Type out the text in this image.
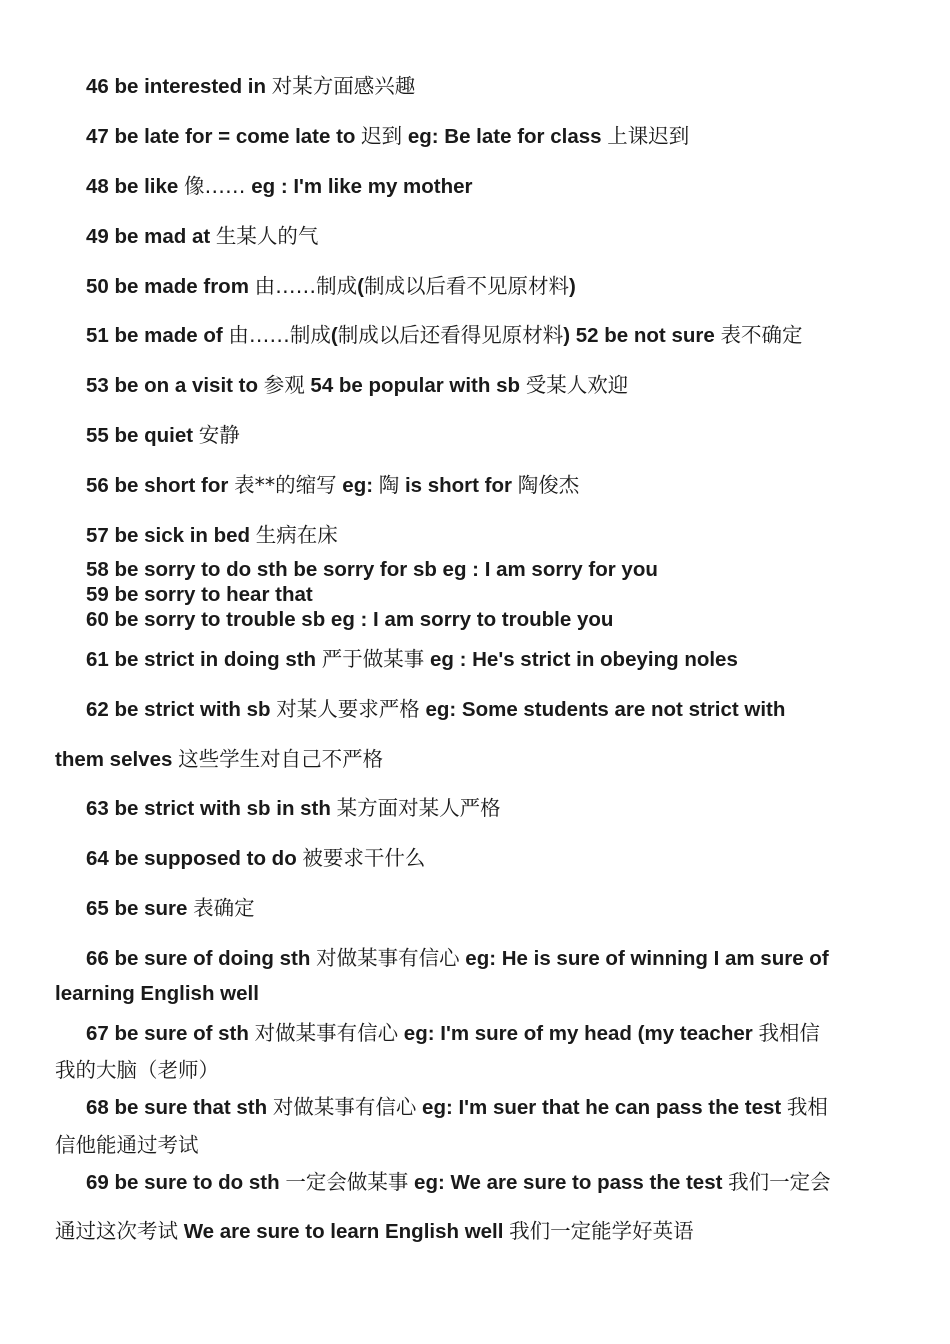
46 be interested in 对某方面感兴趣
47 be late for = come late to 迟到 eg: Be late for class 上课迟到
48 be like 像…… eg : I'm like my mother
49 be mad at 生某人的气
50 be made from 由……制成(制成以后看不见原材料)
51 be made of 由……制成(制成以后还看得见原材料) 52 be not sure 表不确定
53 be on a visit to 参观 54 be popular with sb 受某人欢迎
55 be quiet 安静
56 be short for 表**的缩写 eg: 陶 is short for 陶俊杰
57 be sick in bed 生病在床
58 be sorry to do sth be sorry for sb eg : I am sorry for you
59 be sorry to hear that
60 be sorry to trouble sb eg : I am sorry to trouble you
61 be strict in doing sth 严于做某事 eg : He's strict in obeying noles
62 be strict with sb 对某人要求严格 eg: Some students are not strict with
them selves 这些学生对自己不严格
63 be strict with sb in sth 某方面对某人严格
64 be supposed to do 被要求干什么
65 be sure 表确定
66 be sure of doing sth 对做某事有信心 eg: He is sure of winning I am sure of
learning English well
67 be sure of sth 对做某事有信心 eg: I'm sure of my head (my teacher 我相信
我的大脑（老师）
68 be sure that sth 对做某事有信心 eg: I'm suer that he can pass the test 我相
信他能通过考试
69 be sure to do sth 一定会做某事 eg: We are sure to pass the test 我们一定会
通过这次考试 We are sure to learn English well 我们一定能学好英语
